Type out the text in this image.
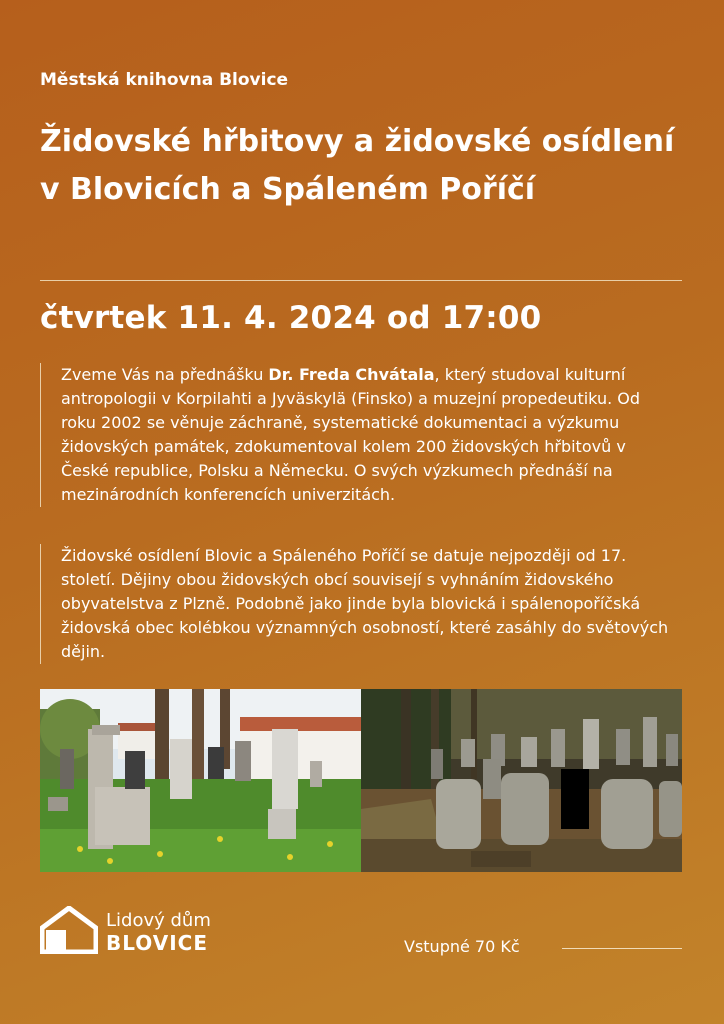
Městská knihovna Blovice
Židovské hřbitovy a židovské osídlení v Blovicích a Spáleném Poříčí
čtvrtek 11. 4. 2024 od 17:00

Zveme Vás na přednášku Dr. Freda Chvátala, který studoval kulturní antropologii v Korpilahti a Jyväskylä (Finsko) a muzejní propedeutiku. Od roku 2002 se věnuje záchraně, systematické dokumentaci a výzkumu židovských památek, zdokumentoval kolem 200 židovských hřbitovů v České republice, Polsku a Německu. O svých výzkumech přednáší na mezinárodních konferencích univerzitách.

Židovské osídlení Blovic a Spáleného Poříčí se datuje nejpozději od 17. století. Dějiny obou židovských obcí souvisejí s vyhnáním židovského obyvatelstva z Plzně. Podobně jako jinde byla blovická i spálenopoříčská židovská obec kolébkou významných osobností, které zasáhly do světových dějin.

Lidový dům
BLOVICE	Vstupné 70 Kč
